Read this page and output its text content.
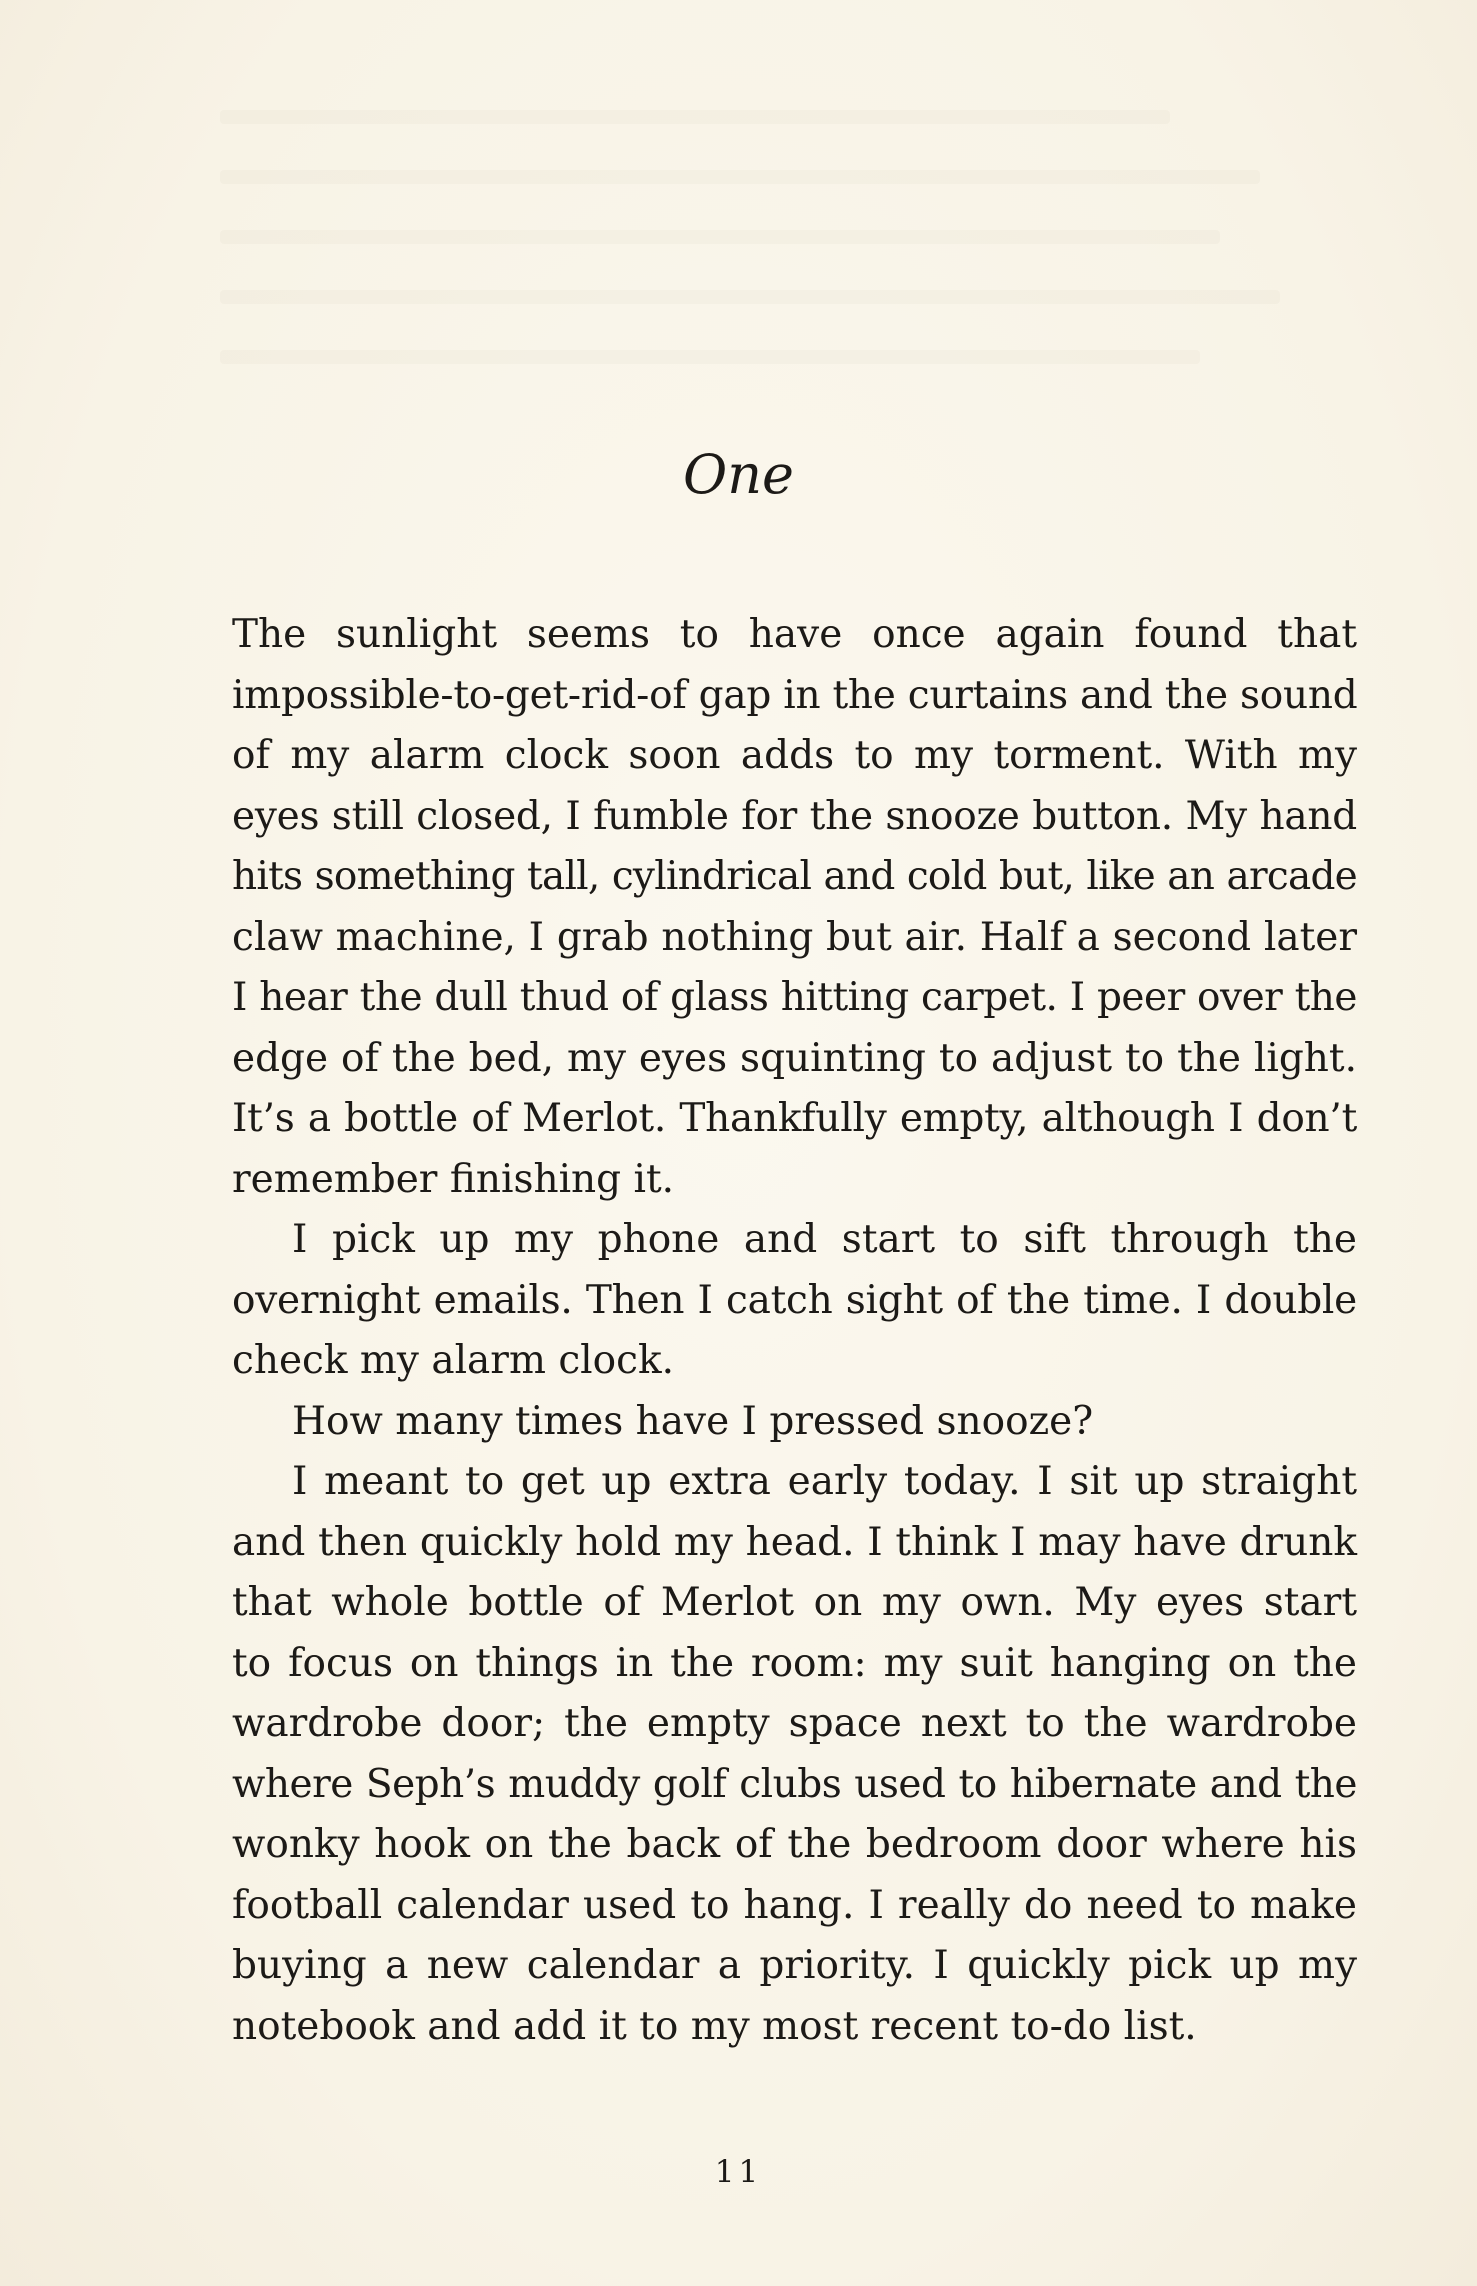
One
The sunlight seems to have once again found that
impossible-to-get-rid-of gap in the curtains and the sound
of my alarm clock soon adds to my torment. With my
eyes still closed, I fumble for the snooze button. My hand
hits something tall, cylindrical and cold but, like an arcade
claw machine, I grab nothing but air. Half a second later
I hear the dull thud of glass hitting carpet. I peer over the
edge of the bed, my eyes squinting to adjust to the light.
It’s a bottle of Merlot. Thankfully empty, although I don’t
remember finishing it.
I pick up my phone and start to sift through the
overnight emails. Then I catch sight of the time. I double
check my alarm clock.
How many times have I pressed snooze?
I meant to get up extra early today. I sit up straight
and then quickly hold my head. I think I may have drunk
that whole bottle of Merlot on my own. My eyes start
to focus on things in the room: my suit hanging on the
wardrobe door; the empty space next to the wardrobe
where Seph’s muddy golf clubs used to hibernate and the
wonky hook on the back of the bedroom door where his
football calendar used to hang. I really do need to make
buying a new calendar a priority. I quickly pick up my
notebook and add it to my most recent to-do list.
11
